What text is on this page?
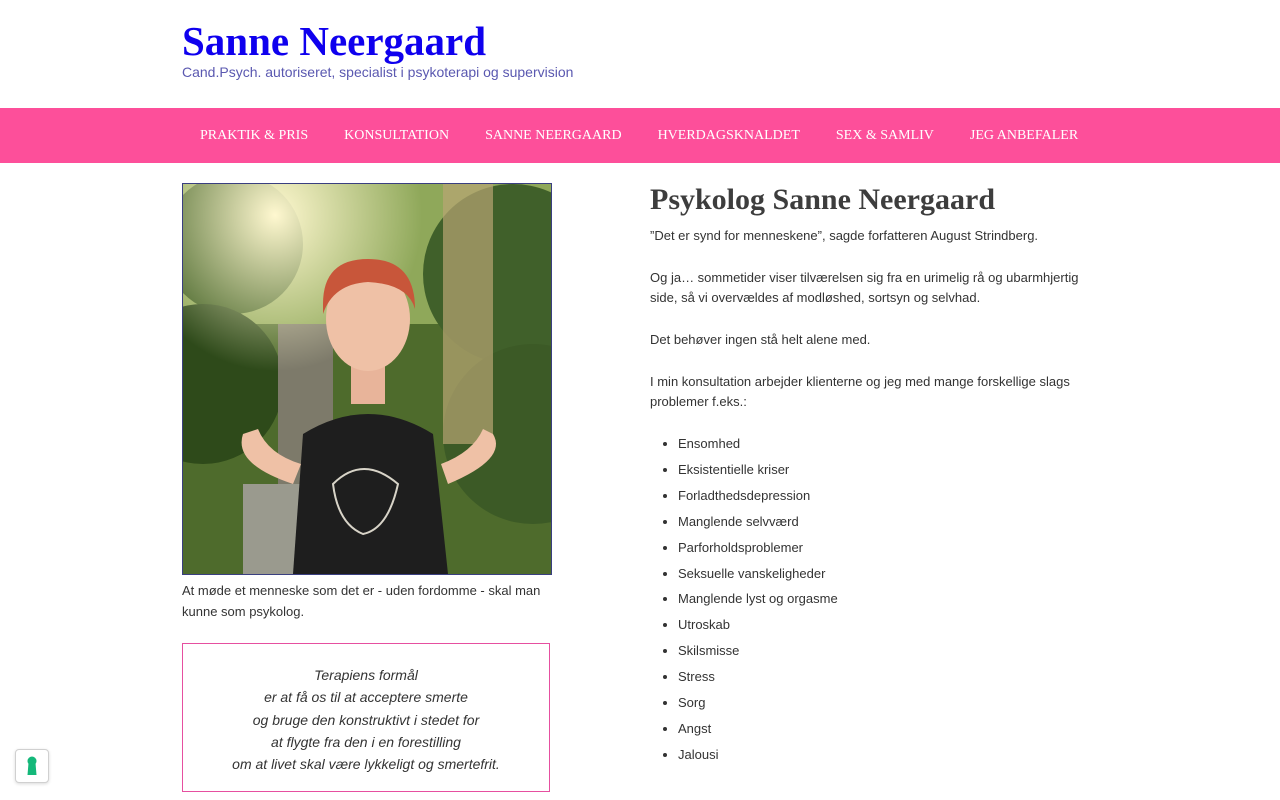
Sanne Neergaard
Cand.Psych. autoriseret, specialist i psykoterapi og supervision
PRAKTIK & PRIS	KONSULTATION	SANNE NEERGAARD	HVERDAGSKNALDET	SEX & SAMLIV	JEG ANBEFALER
At møde et menneske som det er - uden fordomme - skal man kunne som psykolog.
Terapiens formål
er at få os til at acceptere smerte
og bruge den konstruktivt i stedet for
at flygte fra den i en forestilling
om at livet skal være lykkeligt og smertefrit.
Psykolog Sanne Neergaard

”Det er synd for menneskene”, sagde forfatteren August Strindberg.

Og ja… sommetider viser tilværelsen sig fra en urimelig rå og ubarmhjertig side, så vi overvældes af modløshed, sortsyn og selvhad.

Det behøver ingen stå helt alene med.

I min konsultation arbejder klienterne og jeg med mange forskellige slags problemer f.eks.:

• Ensomhed
• Eksistentielle kriser
• Forladthedsdepression
• Manglende selvværd
• Parforholdsproblemer
• Seksuelle vanskeligheder
• Manglende lyst og orgasme
• Utroskab
• Skilsmisse
• Stress
• Sorg
• Angst
• Jalousi
